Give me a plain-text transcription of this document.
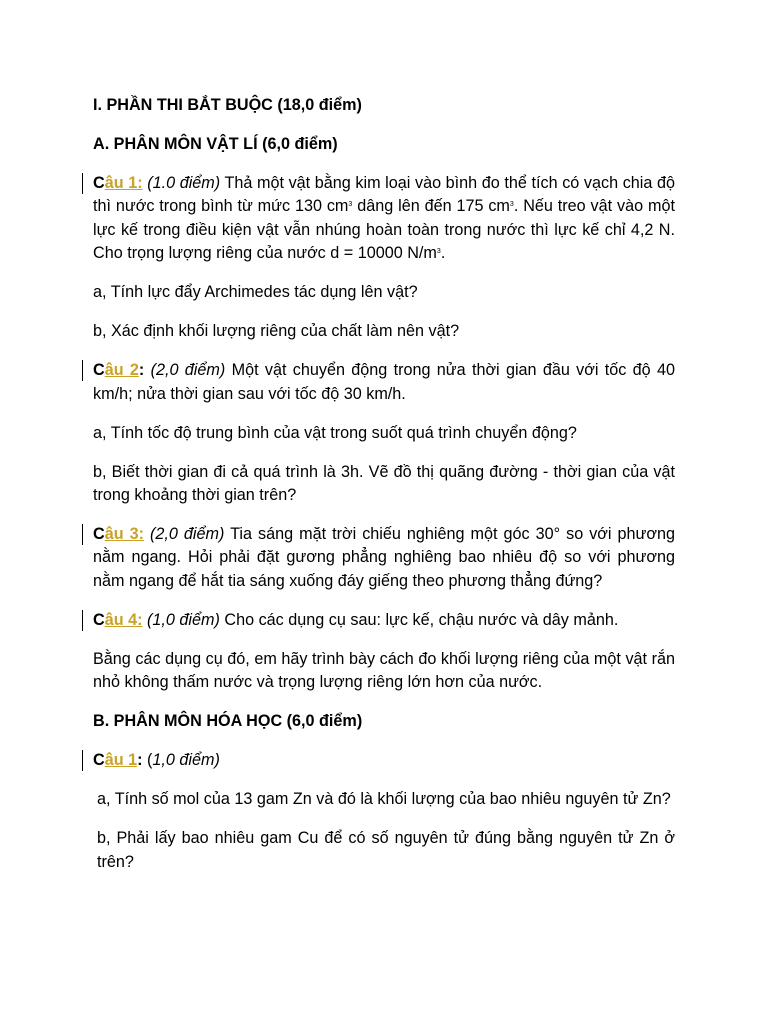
I. PHẦN THI BẮT BUỘC (18,0 điểm)
A. PHÂN MÔN VẬT LÍ (6,0 điểm)
Câu 1: (1.0 điểm) Thả một vật bằng kim loại vào bình đo thể tích có vạch chia độ thì nước trong bình từ mức 130 $cm^3$ dâng lên đến 175 $cm^3$. Nếu treo vật vào một lực kế trong điều kiện vật vẫn nhúng hoàn toàn trong nước thì lực kế chỉ 4,2 N. Cho trọng lượng riêng của nước d = 10000 $N/m^3$.
a, Tính lực đẩy Archimedes tác dụng lên vật?
b, Xác định khối lượng riêng của chất làm nên vật?
Câu 2: (2,0 điểm) Một vật chuyển động trong nửa thời gian đầu với tốc độ 40 km/h; nửa thời gian sau với tốc độ 30 km/h.
a, Tính tốc độ trung bình của vật trong suốt quá trình chuyển động?
b, Biết thời gian đi cả quá trình là 3h. Vẽ đồ thị quãng đường - thời gian của vật trong khoảng thời gian trên?
Câu 3: (2,0 điểm) Tia sáng mặt trời chiếu nghiêng một góc 30° so với phương nằm ngang. Hỏi phải đặt gương phẳng nghiêng bao nhiêu độ so với phương nằm ngang để hắt tia sáng xuống đáy giếng theo phương thẳng đứng?
Câu 4: (1,0 điểm) Cho các dụng cụ sau: lực kế, chậu nước và dây mảnh.
Bằng các dụng cụ đó, em hãy trình bày cách đo khối lượng riêng của một vật rắn nhỏ không thấm nước và trọng lượng riêng lớn hơn của nước.
B. PHÂN MÔN HÓA HỌC (6,0 điểm)
Câu 1: (1,0 điểm)
a, Tính số mol của 13 gam Zn và đó là khối lượng của bao nhiêu nguyên tử Zn?
b, Phải lấy bao nhiêu gam Cu để có số nguyên tử đúng bằng nguyên tử Zn ở trên?
